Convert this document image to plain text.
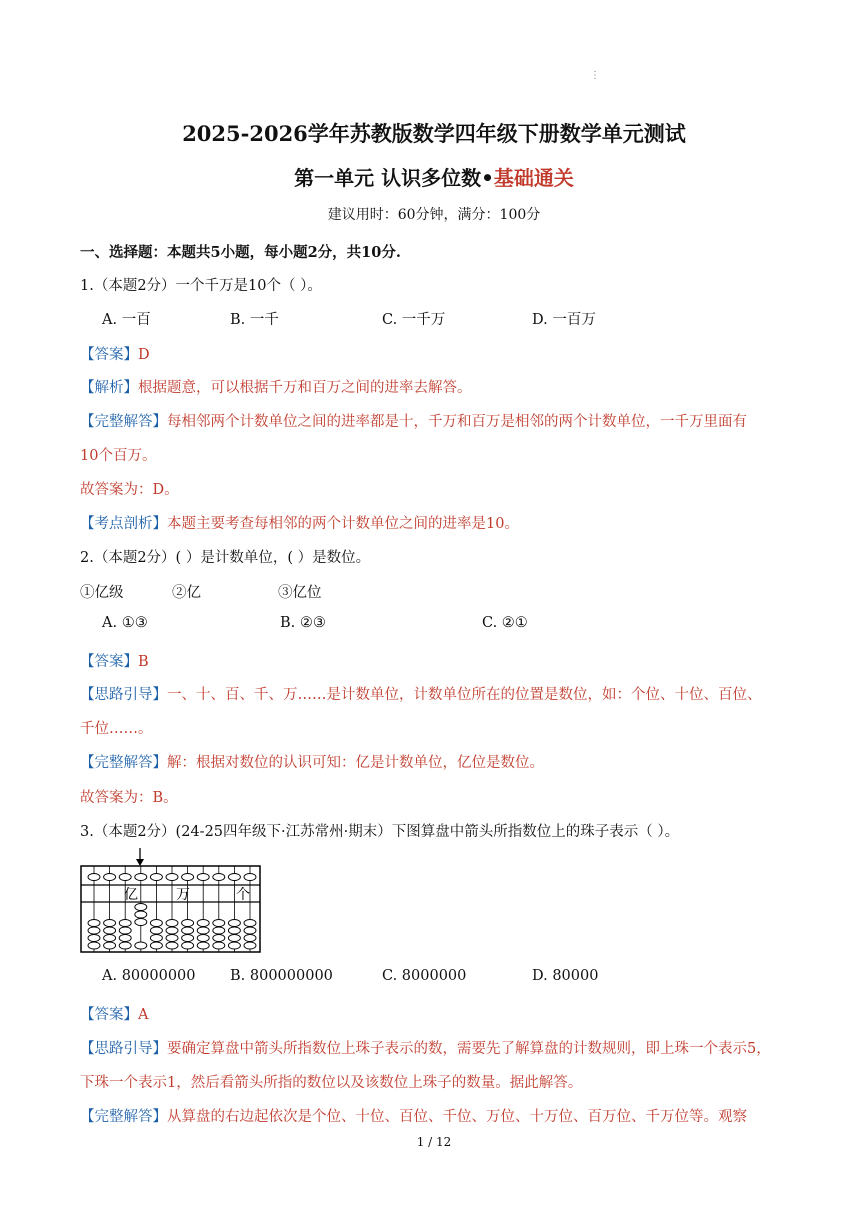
⋮
2025-2026学年苏教版数学四年级下册数学单元测试
第一单元 认识多位数•基础通关
建议用时：60分钟，满分：100分
一、选择题：本题共5小题，每小题2分，共10分.
1.（本题2分）一个千万是10个（ ）。
A. 一百	B. 一千	C. 一千万	D. 一百万
【答案】D
【解析】根据题意，可以根据千万和百万之间的进率去解答。
【完整解答】每相邻两个计数单位之间的进率都是十，千万和百万是相邻的两个计数单位，一千万里面有
10个百万。
故答案为：D。
【考点剖析】本题主要考查每相邻的两个计数单位之间的进率是10。
2.（本题2分）( ）是计数单位，( ）是数位。
①亿级	②亿	③亿位
A. ①③	B. ②③	C. ②①
【答案】B
【思路引导】一、十、百、千、万……是计数单位，计数单位所在的位置是数位，如：个位、十位、百位、
千位……。
【完整解答】解：根据对数位的认识可知：亿是计数单位，亿位是数位。
故答案为：B。
3.（本题2分）(24-25四年级下·江苏常州·期末）下图算盘中箭头所指数位上的珠子表示（ ）。
亿	万	个
A. 80000000 B. 800000000	C. 8000000	D. 80000
【答案】A
【思路引导】要确定算盘中箭头所指数位上珠子表示的数，需要先了解算盘的计数规则，即上珠一个表示5，
下珠一个表示1，然后看箭头所指的数位以及该数位上珠子的数量。据此解答。
【完整解答】从算盘的右边起依次是个位、十位、百位、千位、万位、十万位、百万位、千万位等。观察
1 / 12
